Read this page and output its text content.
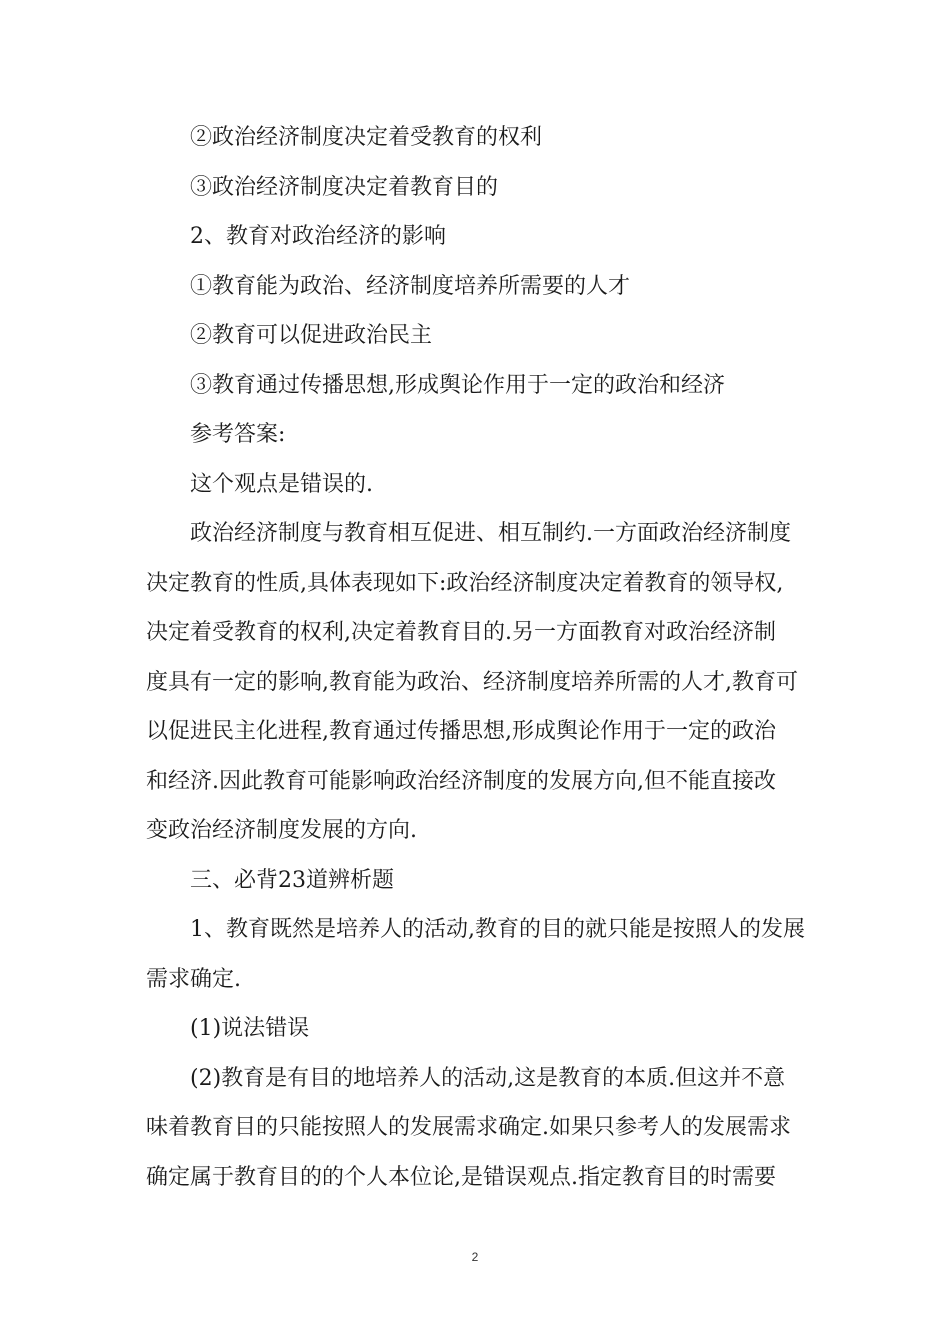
②政治经济制度决定着受教育的权利
③政治经济制度决定着教育目的
2、教育对政治经济的影响
①教育能为政治、经济制度培养所需要的人才
②教育可以促进政治民主
③教育通过传播思想,形成舆论作用于一定的政治和经济
参考答案:
这个观点是错误的.
政治经济制度与教育相互促进、相互制约.一方面政治经济制度
决定教育的性质,具体表现如下:政治经济制度决定着教育的领导权,
决定着受教育的权利,决定着教育目的.另一方面教育对政治经济制
度具有一定的影响,教育能为政治、经济制度培养所需的人才,教育可
以促进民主化进程,教育通过传播思想,形成舆论作用于一定的政治
和经济.因此教育可能影响政治经济制度的发展方向,但不能直接改
变政治经济制度发展的方向.
三、必背23道辨析题
1、教育既然是培养人的活动,教育的目的就只能是按照人的发展
需求确定.
(1)说法错误
(2)教育是有目的地培养人的活动,这是教育的本质.但这并不意
味着教育目的只能按照人的发展需求确定.如果只参考人的发展需求
确定属于教育目的的个人本位论,是错误观点.指定教育目的时需要
2
